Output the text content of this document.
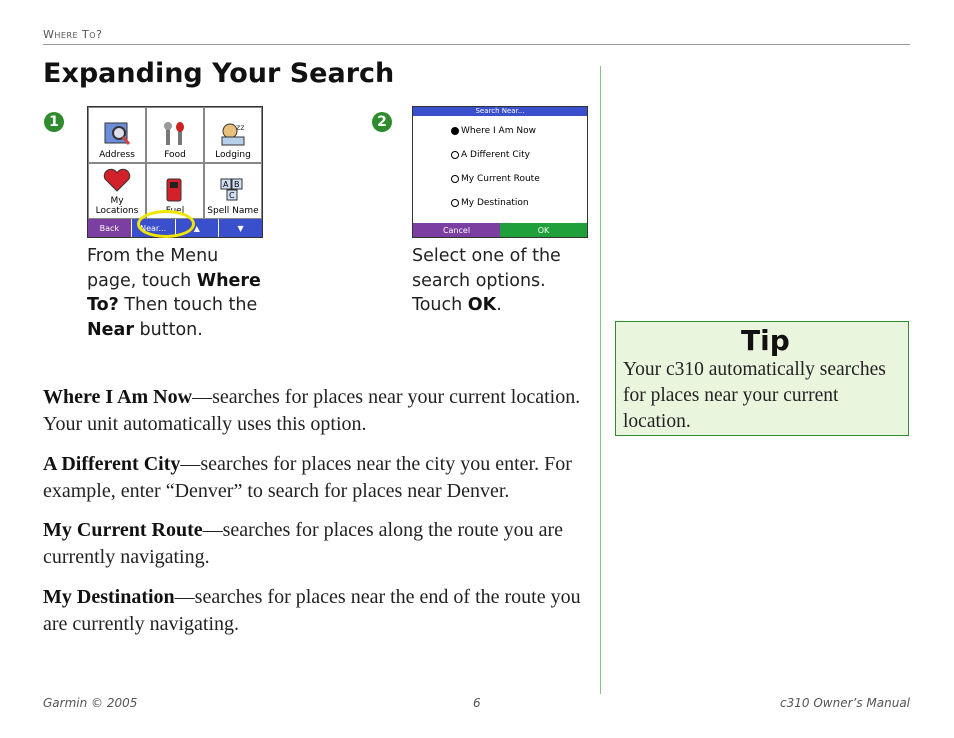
Where To?
Expanding Your Search
1
Address	Food
zz
Lodging
My Locations	Fuel
A B
C
Spell Name
Back	Near...	▲	▼
From the Menu page, touch Where To? Then touch the Near button.
2
Search Near...
Where I Am Now
A Different City
My Current Route
My Destination
Cancel	OK
Select one of the search options. Touch OK.
Where I Am Now—searches for places near your current location. Your unit automatically uses this option.
A Different City—searches for places near the city you enter. For example, enter “Denver” to search for places near Denver.
My Current Route—searches for places along the route you are currently navigating.
My Destination—searches for places near the end of the route you are currently navigating.
Tip
Your c310 automatically searches for places near your current location.
Garmin © 2005	6	c310 Owner’s Manual
